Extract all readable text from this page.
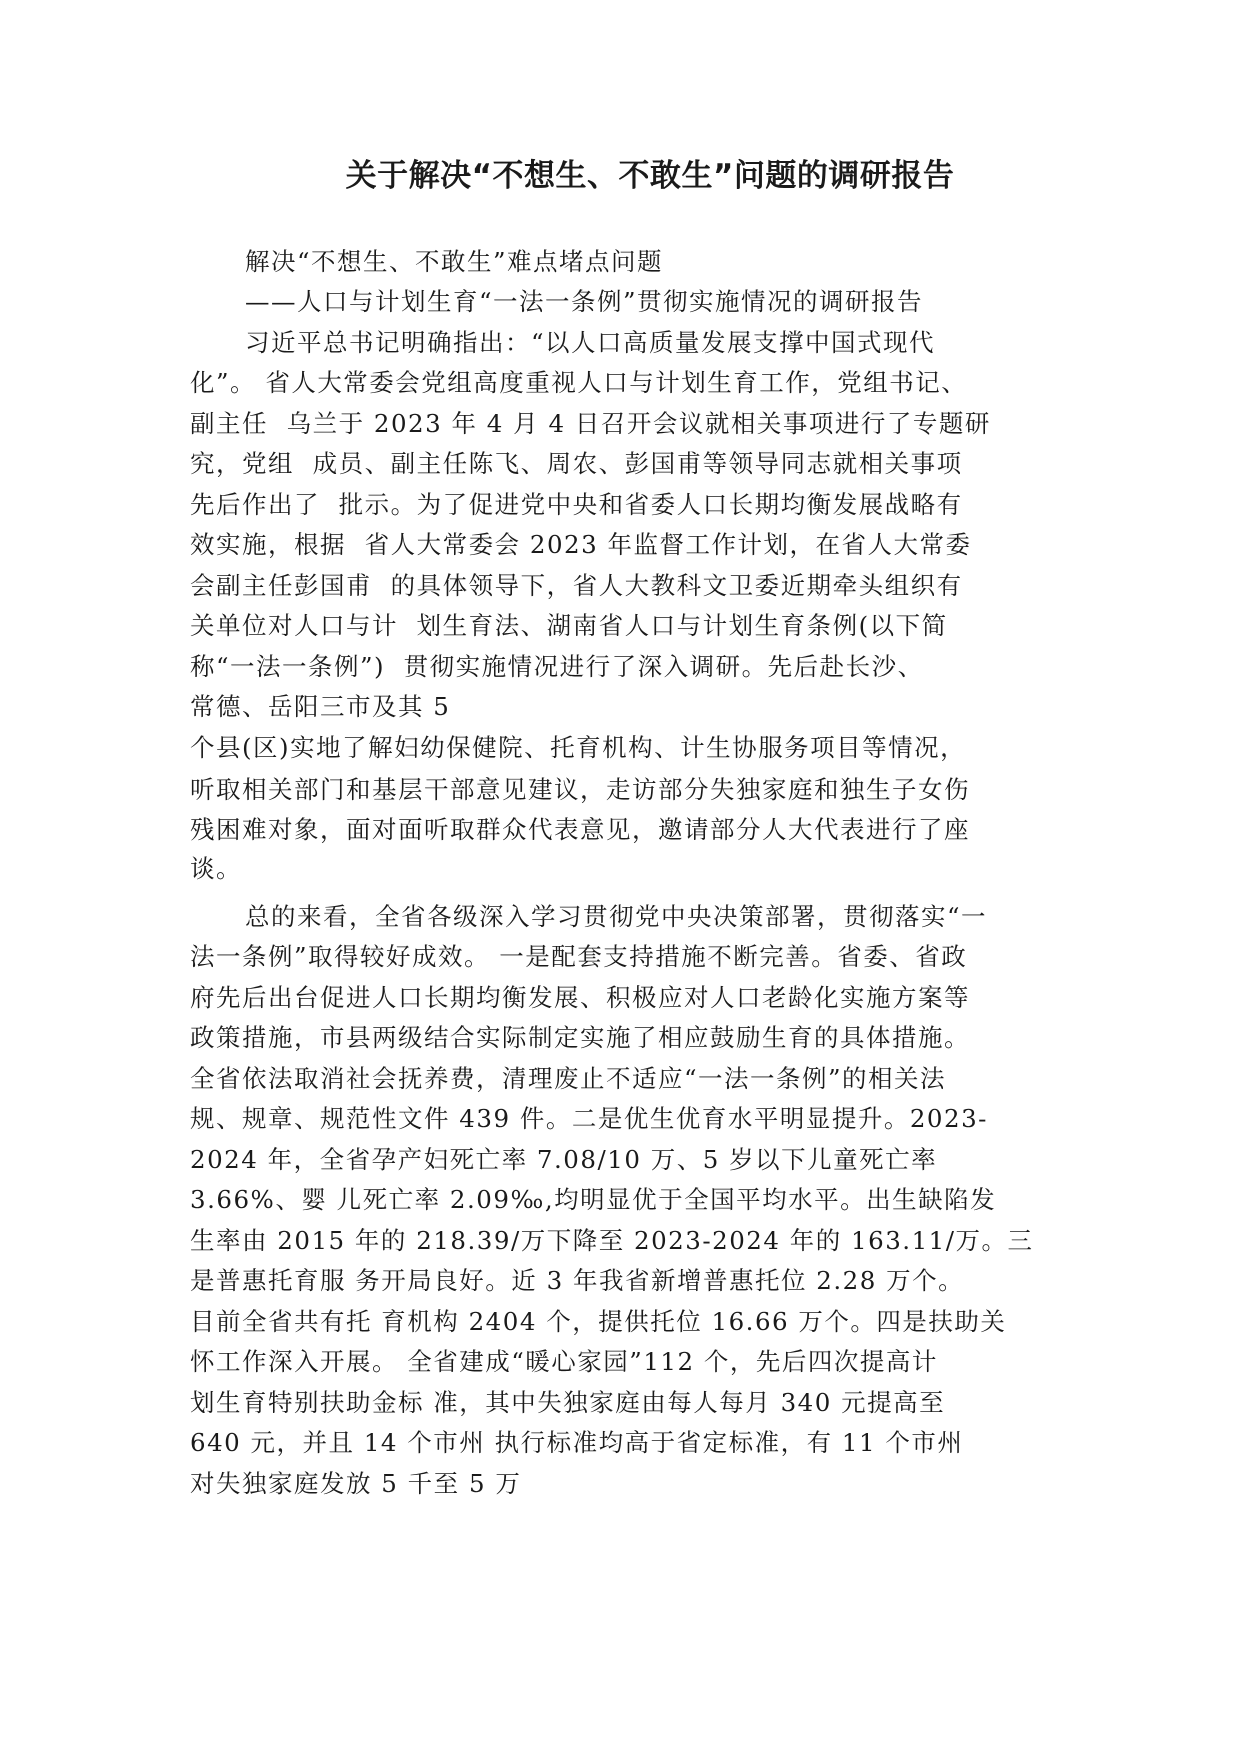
关于解决“不想生、不敢生”问题的调研报告

解决“不想生、不敢生”难点堵点问题

——人口与计划生育“一法一条例”贯彻实施情况的调研报告

习近平总书记明确指出：“以人口高质量发展支撑中国式现代

化”。 省人大常委会党组高度重视人口与计划生育工作，党组书记、

副主任  乌兰于 2023 年 4 月 4 日召开会议就相关事项进行了专题研

究，党组  成员、副主任陈飞、周农、彭国甫等领导同志就相关事项

先后作出了  批示。为了促进党中央和省委人口长期均衡发展战略有

效实施，根据  省人大常委会 2023 年监督工作计划，在省人大常委

会副主任彭国甫  的具体领导下，省人大教科文卫委近期牵头组织有

关单位对人口与计  划生育法、湖南省人口与计划生育条例(以下简

称“一法一条例”)  贯彻实施情况进行了深入调研。先后赴长沙、

常德、岳阳三市及其 5

个县(区)实地了解妇幼保健院、托育机构、计生协服务项目等情况，

听取相关部门和基层干部意见建议，走访部分失独家庭和独生子女伤

残困难对象，面对面听取群众代表意见，邀请部分人大代表进行了座

谈。

总的来看，全省各级深入学习贯彻党中央决策部署，贯彻落实“一

法一条例”取得较好成效。 一是配套支持措施不断完善。省委、省政

府先后出台促进人口长期均衡发展、积极应对人口老龄化实施方案等

政策措施，市县两级结合实际制定实施了相应鼓励生育的具体措施。

全省依法取消社会抚养费，清理废止不适应“一法一条例”的相关法

规、规章、规范性文件 439 件。二是优生优育水平明显提升。2023-

2024 年，全省孕产妇死亡率 7.08/10 万、5 岁以下儿童死亡率

3.66%、婴 儿死亡率 2.09‰,均明显优于全国平均水平。出生缺陷发

生率由 2015 年的 218.39/万下降至 2023-2024 年的 163.11/万。三

是普惠托育服 务开局良好。近 3 年我省新增普惠托位 2.28 万个。

目前全省共有托 育机构 2404 个，提供托位 16.66 万个。四是扶助关

怀工作深入开展。 全省建成“暖心家园”112 个，先后四次提高计

划生育特别扶助金标 准，其中失独家庭由每人每月 340 元提高至

640 元，并且 14 个市州 执行标准均高于省定标准，有 11 个市州

对失独家庭发放 5 千至 5 万
